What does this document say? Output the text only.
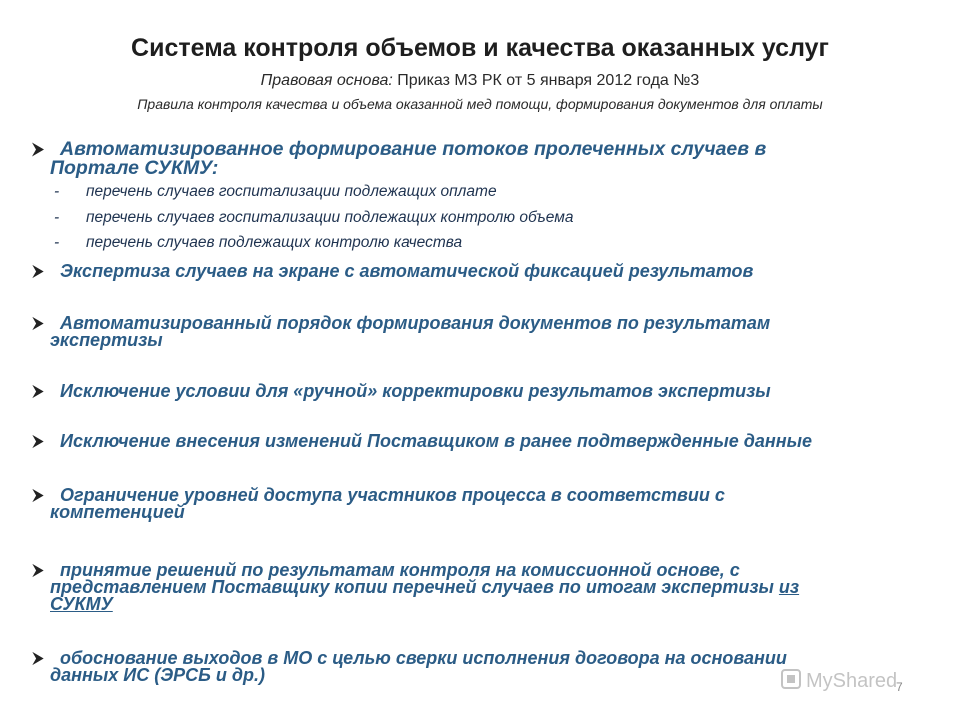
Система контроля объемов и качества оказанных услуг
Правовая основа: Приказ МЗ РК от 5 января 2012 года №3
Правила контроля качества и объема оказанной мед помощи, формирования документов для оплаты
Автоматизированное формирование потоков пролеченных случаев в
Портале СУКМУ:
- перечень случаев госпитализации подлежащих оплате
- перечень случаев госпитализации подлежащих контролю объема
- перечень случаев подлежащих контролю качества
Экспертиза случаев на экране с автоматической фиксацией результатов
Автоматизированный порядок формирования документов по результатам
экспертизы
Исключение условии для «ручной» корректировки результатов экспертизы
Исключение внесения изменений Поставщиком в ранее подтвержденные данные
Ограничение уровней доступа участников процесса в соответствии с
компетенцией
принятие решений по результатам контроля на комиссионной основе, с
представлением Поставщику копии перечней случаев по итогам экспертизы из
СУКМУ
обоснование выходов в МО с целью сверки исполнения договора на основании
данных ИС (ЭРСБ и др.)	MyShared
7
